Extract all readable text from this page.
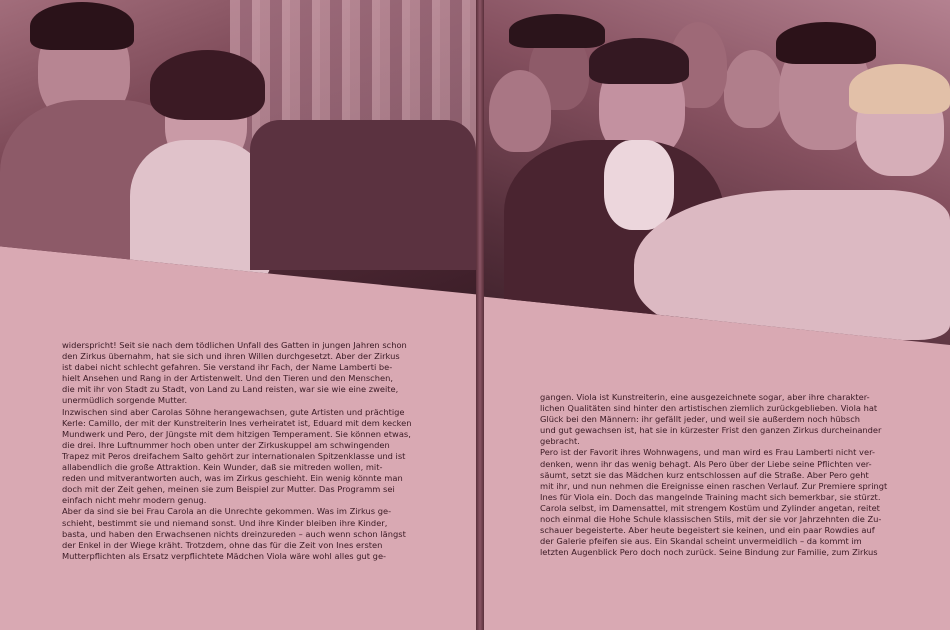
widerspricht! Seit sie nach dem tödlichen Unfall des Gatten in jungen Jahren schon

den Zirkus übernahm, hat sie sich und ihren Willen durchgesetzt. Aber der Zirkus

ist dabei nicht schlecht gefahren. Sie verstand ihr Fach, der Name Lamberti be-

hielt Ansehen und Rang in der Artistenwelt. Und den Tieren und den Menschen,

die mit ihr von Stadt zu Stadt, von Land zu Land reisten, war sie wie eine zweite,

unermüdlich sorgende Mutter.

Inzwischen sind aber Carolas Söhne herangewachsen, gute Artisten und prächtige

Kerle: Camillo, der mit der Kunstreiterin Ines verheiratet ist, Eduard mit dem kecken

Mundwerk und Pero, der Jüngste mit dem hitzigen Temperament. Sie können etwas,

die drei. Ihre Luftnummer hoch oben unter der Zirkuskuppel am schwingenden

Trapez mit Peros dreifachem Salto gehört zur internationalen Spitzenklasse und ist

allabendlich die große Attraktion. Kein Wunder, daß sie mitreden wollen, mit-

reden und mitverantworten auch, was im Zirkus geschieht. Ein wenig könnte man

doch mit der Zeit gehen, meinen sie zum Beispiel zur Mutter. Das Programm sei

einfach nicht mehr modern genug.

Aber da sind sie bei Frau Carola an die Unrechte gekommen. Was im Zirkus ge-

schieht, bestimmt sie und niemand sonst. Und ihre Kinder bleiben ihre Kinder,

basta, und haben den Erwachsenen nichts dreinzureden – auch wenn schon längst

der Enkel in der Wiege kräht. Trotzdem, ohne das für die Zeit von Ines ersten

Mutterpflichten als Ersatz verpflichtete Mädchen Viola wäre wohl alles gut ge-

gangen. Viola ist Kunstreiterin, eine ausgezeichnete sogar, aber ihre charakter-

lichen Qualitäten sind hinter den artistischen ziemlich zurückgeblieben. Viola hat

Glück bei den Männern: ihr gefällt jeder, und weil sie außerdem noch hübsch

und gut gewachsen ist, hat sie in kürzester Frist den ganzen Zirkus durcheinander

gebracht.

Pero ist der Favorit ihres Wohnwagens, und man wird es Frau Lamberti nicht ver-

denken, wenn ihr das wenig behagt. Als Pero über der Liebe seine Pflichten ver-

säumt, setzt sie das Mädchen kurz entschlossen auf die Straße. Aber Pero geht

mit ihr, und nun nehmen die Ereignisse einen raschen Verlauf. Zur Premiere springt

Ines für Viola ein. Doch das mangelnde Training macht sich bemerkbar, sie stürzt.

Carola selbst, im Damensattel, mit strengem Kostüm und Zylinder angetan, reitet

noch einmal die Hohe Schule klassischen Stils, mit der sie vor Jahrzehnten die Zu-

schauer begeisterte. Aber heute begeistert sie keinen, und ein paar Rowdies auf

der Galerie pfeifen sie aus. Ein Skandal scheint unvermeidlich – da kommt im

letzten Augenblick Pero doch noch zurück. Seine Bindung zur Familie, zum Zirkus
